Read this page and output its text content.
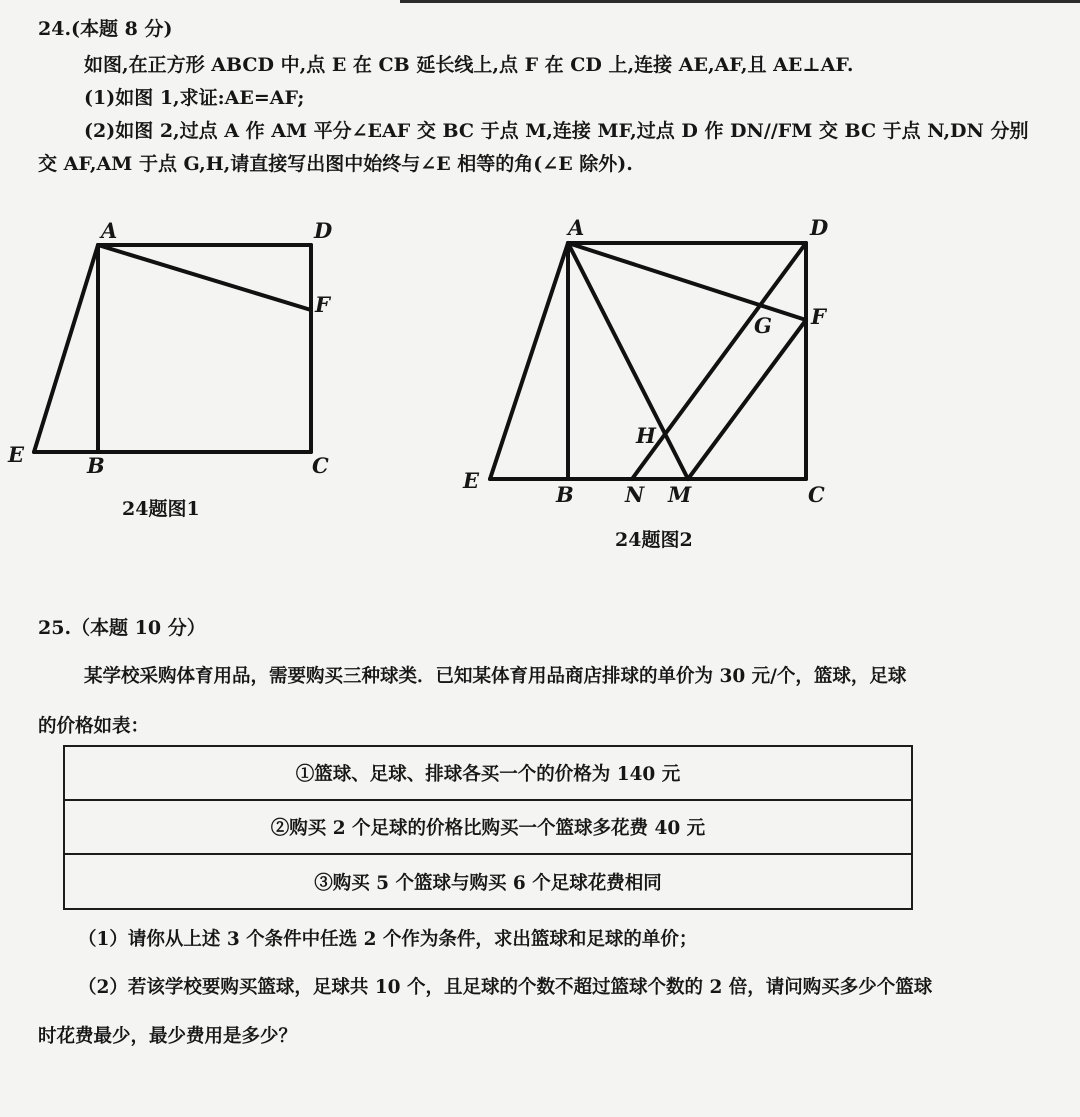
24.(本题 8 分)
如图,在正方形 ABCD 中,点 E 在 CB 延长线上,点 F 在 CD 上,连接 AE,AF,且 AE⊥AF.
(1)如图 1,求证:AE=AF;
(2)如图 2,过点 A 作 AM 平分∠EAF 交 BC 于点 M,连接 MF,过点 D 作 DN//FM 交 BC 于点 N,DN 分别
交 AF,AM 于点 G,H,请直接写出图中始终与∠E 相等的角(∠E 除外).
A	D
F
E	B	C
24题图1
A	D
F
G
H
E
B N M	C
24题图2
25.（本题 10 分）
某学校采购体育用品，需要购买三种球类．已知某体育用品商店排球的单价为 30 元/个，篮球，足球
的价格如表：
①篮球、足球、排球各买一个的价格为 140 元
②购买 2 个足球的价格比购买一个篮球多花费 40 元
③购买 5 个篮球与购买 6 个足球花费相同
（1）请你从上述 3 个条件中任选 2 个作为条件，求出篮球和足球的单价；
（2）若该学校要购买篮球，足球共 10 个，且足球的个数不超过篮球个数的 2 倍，请问购买多少个篮球
时花费最少，最少费用是多少？
